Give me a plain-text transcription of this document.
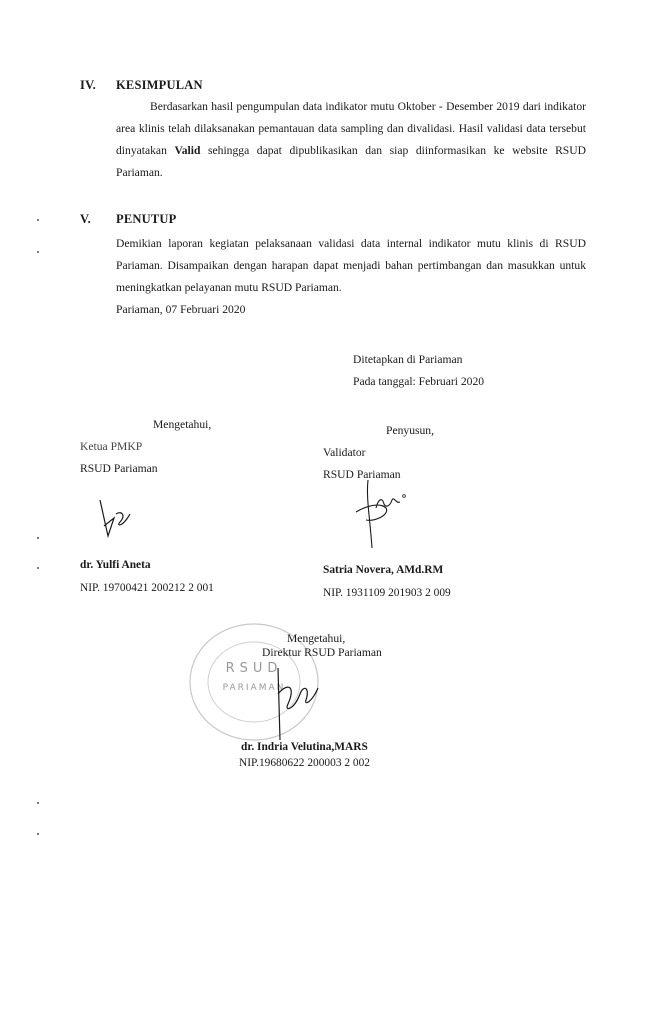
IV. KESIMPULAN

Berdasarkan hasil pengumpulan data indikator mutu Oktober - Desember 2019 dari indikator area klinis telah dilaksanakan pemantauan data sampling dan divalidasi. Hasil validasi data tersebut dinyatakan Valid sehingga dapat dipublikasikan dan siap diinformasikan ke website RSUD Pariaman.

V. PENUTUP

Demikian laporan kegiatan pelaksanaan validasi data internal indikator mutu klinis di RSUD Pariaman. Disampaikan dengan harapan dapat menjadi bahan pertimbangan dan masukkan untuk meningkatkan pelayanan mutu RSUD Pariaman.

Pariaman, 07 Februari 2020

Ditetapkan di Pariaman
Pada tanggal: Februari 2020
Mengetahui,
Ketua PMKP
RSUD Pariaman
dr. Yulfi Aneta
NIP. 19700421 200212 2 001
Penyusun,
Validator
RSUD Pariaman
Satria Novera, AMd.RM
NIP. 1931109 201903 2 009
RSUD
PARIAMAN
Mengetahui,
Direktur RSUD Pariaman
dr. Indria Velutina,MARS
NIP.19680622 200003 2 002
